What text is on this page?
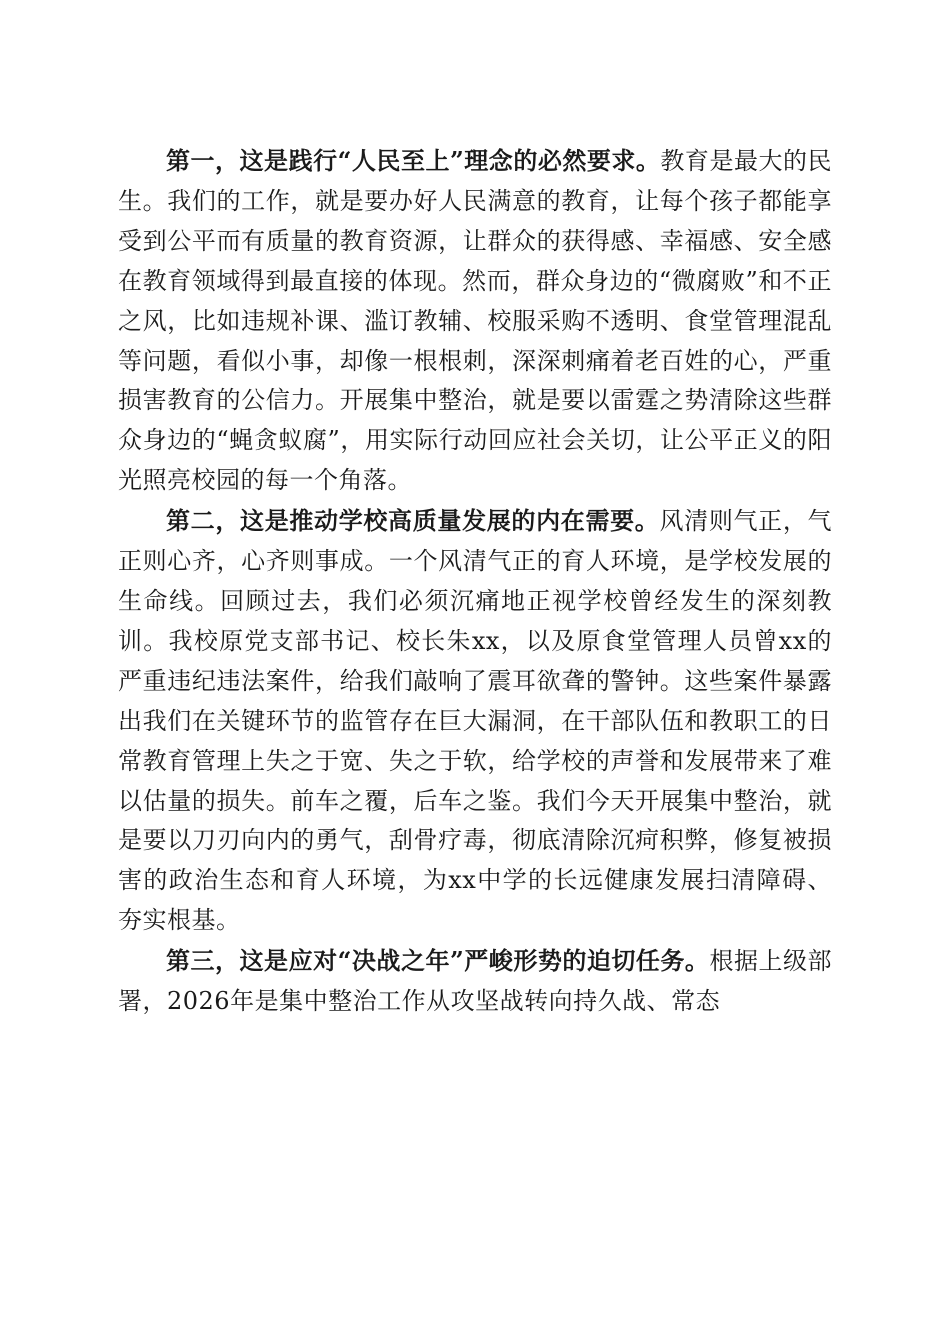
第一，这是践行“人民至上”理念的必然要求。教育是最大的民生。我们的工作，就是要办好人民满意的教育，让每个孩子都能享受到公平而有质量的教育资源，让群众的获得感、幸福感、安全感在教育领域得到最直接的体现。然而，群众身边的“微腐败”和不正之风，比如违规补课、滥订教辅、校服采购不透明、食堂管理混乱等问题，看似小事，却像一根根刺，深深刺痛着老百姓的心，严重损害教育的公信力。开展集中整治，就是要以雷霆之势清除这些群众身边的“蝇贪蚁腐”，用实际行动回应社会关切，让公平正义的阳光照亮校园的每一个角落。

第二，这是推动学校高质量发展的内在需要。风清则气正，气正则心齐，心齐则事成。一个风清气正的育人环境，是学校发展的生命线。回顾过去，我们必须沉痛地正视学校曾经发生的深刻教训。我校原党支部书记、校长朱xx，以及原食堂管理人员曾xx的严重违纪违法案件，给我们敲响了震耳欲聋的警钟。这些案件暴露出我们在关键环节的监管存在巨大漏洞，在干部队伍和教职工的日常教育管理上失之于宽、失之于软，给学校的声誉和发展带来了难以估量的损失。前车之覆，后车之鉴。我们今天开展集中整治，就是要以刀刃向内的勇气，刮骨疗毒，彻底清除沉疴积弊，修复被损害的政治生态和育人环境，为xx中学的长远健康发展扫清障碍、夯实根基。

第三，这是应对“决战之年”严峻形势的迫切任务。根据上级部署，2026年是集中整治工作从攻坚战转向持久战、常态
